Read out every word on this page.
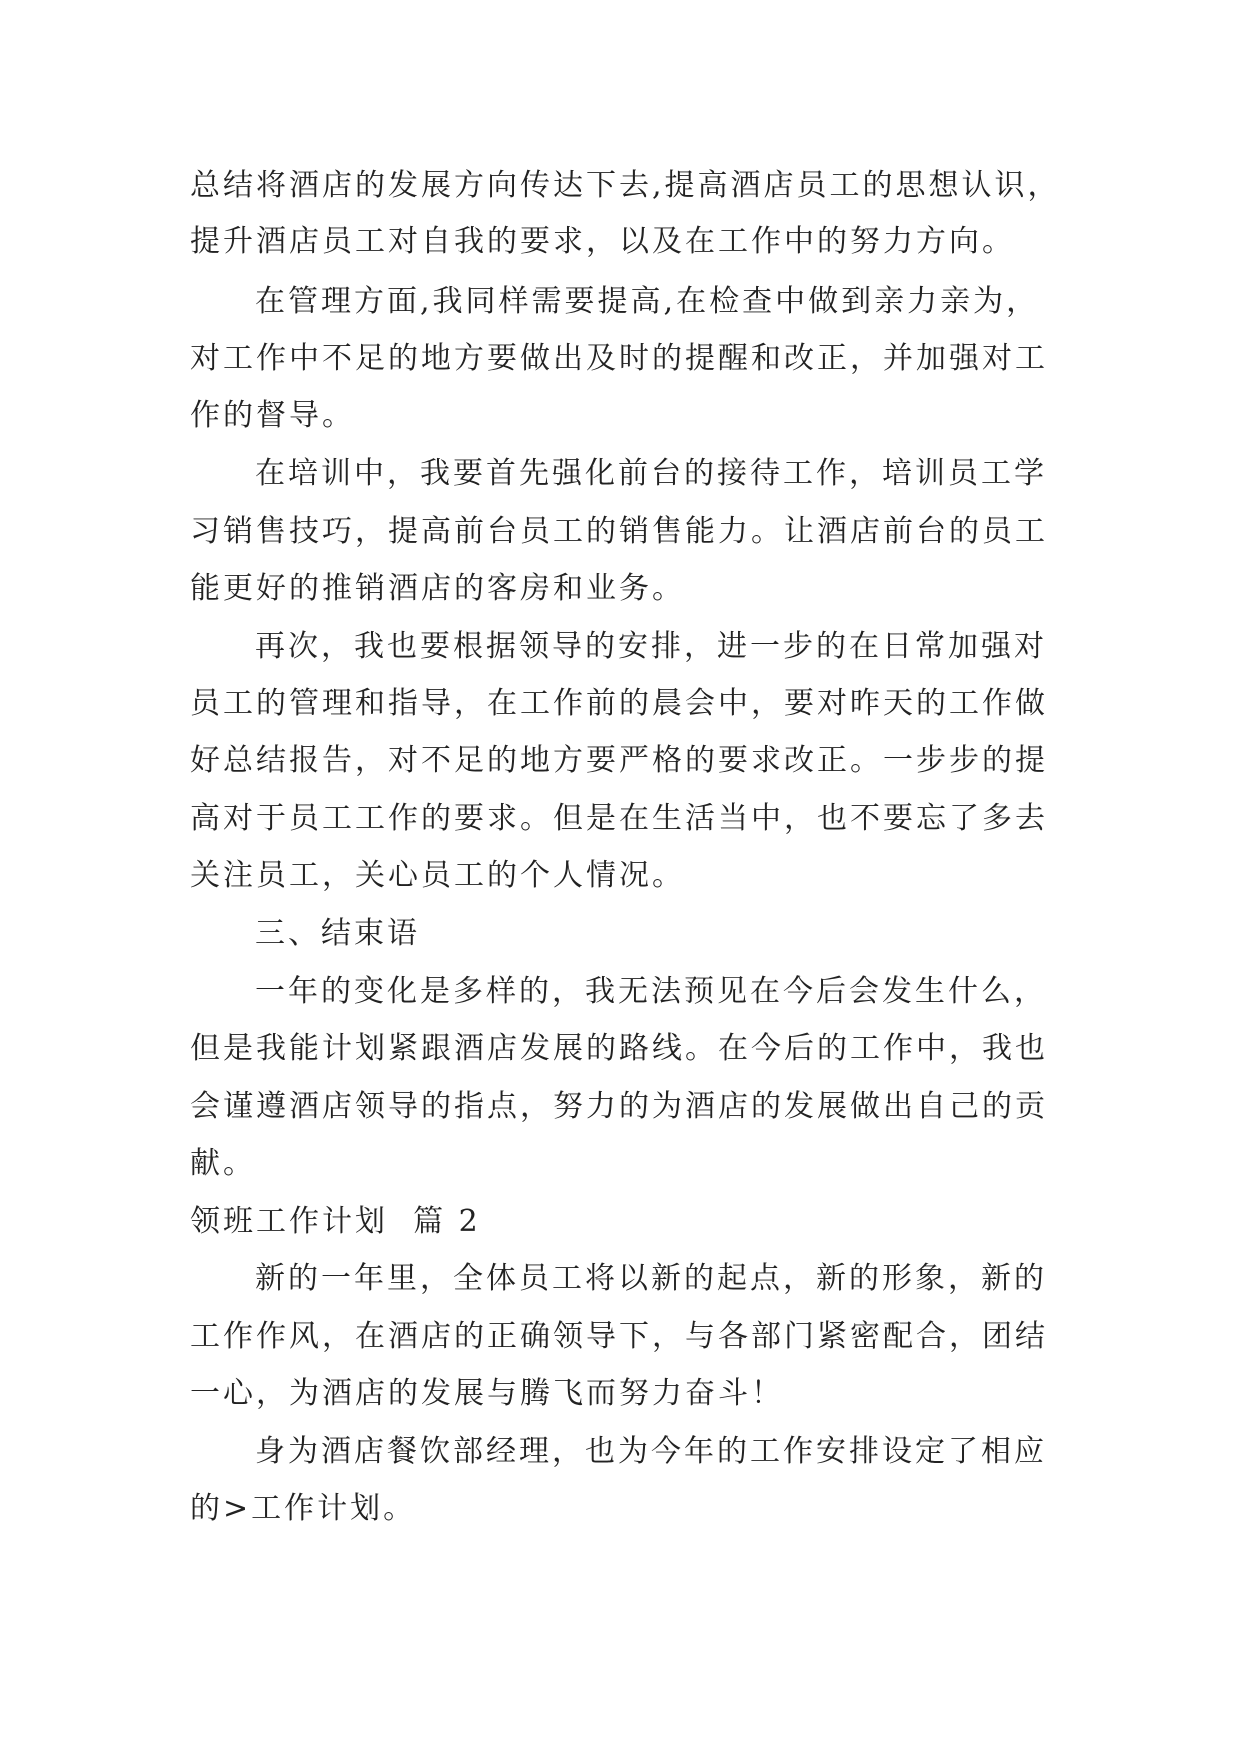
总结将酒店的发展方向传达下去,提高酒店员工的思想认识，
提升酒店员工对自我的要求，以及在工作中的努力方向。
在管理方面,我同样需要提高,在检查中做到亲力亲为，
对工作中不足的地方要做出及时的提醒和改正，并加强对工
作的督导。
在培训中，我要首先强化前台的接待工作，培训员工学
习销售技巧，提高前台员工的销售能力。让酒店前台的员工
能更好的推销酒店的客房和业务。
再次，我也要根据领导的安排，进一步的在日常加强对
员工的管理和指导，在工作前的晨会中，要对昨天的工作做
好总结报告，对不足的地方要严格的要求改正。一步步的提
高对于员工工作的要求。但是在生活当中，也不要忘了多去
关注员工，关心员工的个人情况。
三、结束语
一年的变化是多样的，我无法预见在今后会发生什么，
但是我能计划紧跟酒店发展的路线。在今后的工作中，我也
会谨遵酒店领导的指点，努力的为酒店的发展做出自己的贡
献。
领班工作计划  篇 2
新的一年里，全体员工将以新的起点，新的形象，新的
工作作风，在酒店的正确领导下，与各部门紧密配合，团结
一心，为酒店的发展与腾飞而努力奋斗！
身为酒店餐饮部经理，也为今年的工作安排设定了相应
的>工作计划。
